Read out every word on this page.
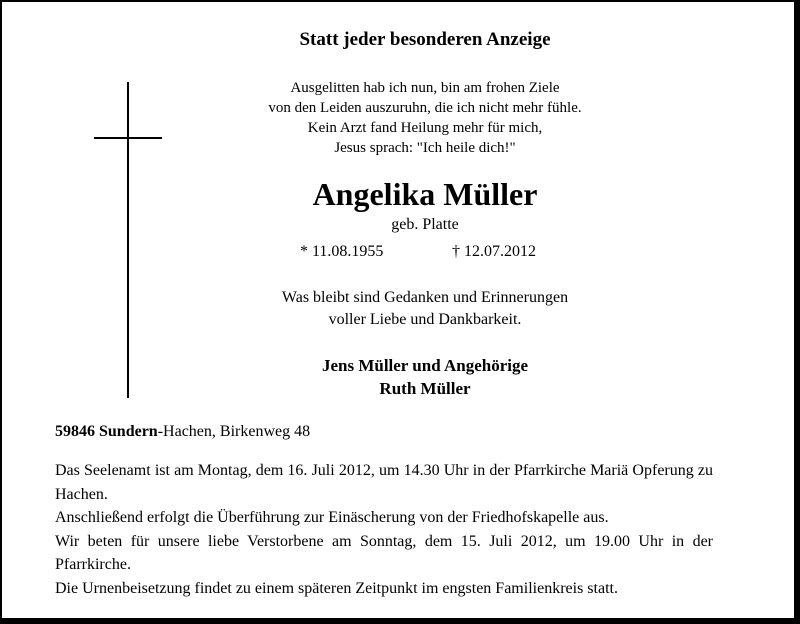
Statt jeder besonderen Anzeige
Ausgelitten hab ich nun, bin am frohen Ziele
von den Leiden auszuruhn, die ich nicht mehr fühle.
Kein Arzt fand Heilung mehr für mich,
Jesus sprach: "Ich heile dich!"
Angelika Müller
geb. Platte
* 11.08.1955	† 12.07.2012
Was bleibt sind Gedanken und Erinnerungen
voller Liebe und Dankbarkeit.
Jens Müller und Angehörige
Ruth Müller
59846 Sundern-Hachen, Birkenweg 48

Das Seelenamt ist am Montag, dem 16. Juli 2012, um 14.30 Uhr in der Pfarrkirche Mariä Opferung zu Hachen.

Anschließend erfolgt die Überführung zur Einäscherung von der Friedhofskapelle aus.

Wir beten für unsere liebe Verstorbene am Sonntag, dem 15. Juli 2012, um 19.00 Uhr in der Pfarrkirche.

Die Urnenbeisetzung findet zu einem späteren Zeitpunkt im engsten Familienkreis statt.
